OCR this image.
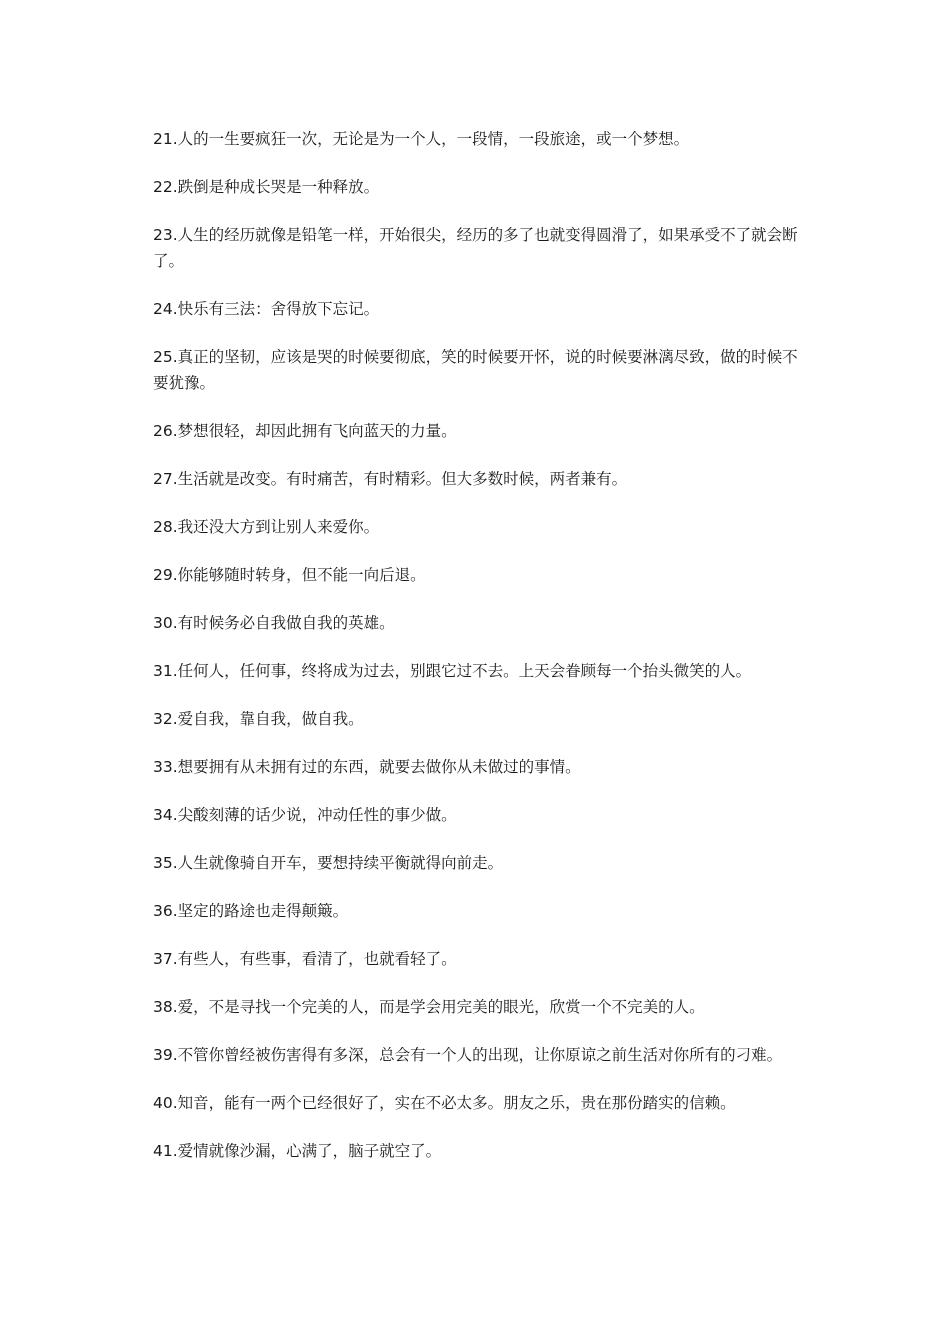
21.人的一生要疯狂一次，无论是为一个人，一段情，一段旅途，或一个梦想。

22.跌倒是种成长哭是一种释放。

23.人生的经历就像是铅笔一样，开始很尖，经历的多了也就变得圆滑了，如果承受不了就会断了。

24.快乐有三法：舍得放下忘记。

25.真正的坚韧，应该是哭的时候要彻底，笑的时候要开怀，说的时候要淋漓尽致，做的时候不要犹豫。

26.梦想很轻，却因此拥有飞向蓝天的力量。

27.生活就是改变。有时痛苦，有时精彩。但大多数时候，两者兼有。

28.我还没大方到让别人来爱你。

29.你能够随时转身，但不能一向后退。

30.有时候务必自我做自我的英雄。

31.任何人，任何事，终将成为过去，别跟它过不去。上天会眷顾每一个抬头微笑的人。

32.爱自我，靠自我，做自我。

33.想要拥有从未拥有过的东西，就要去做你从未做过的事情。

34.尖酸刻薄的话少说，冲动任性的事少做。

35.人生就像骑自开车，要想持续平衡就得向前走。

36.坚定的路途也走得颠簸。

37.有些人，有些事，看清了，也就看轻了。

38.爱，不是寻找一个完美的人，而是学会用完美的眼光，欣赏一个不完美的人。

39.不管你曾经被伤害得有多深，总会有一个人的出现，让你原谅之前生活对你所有的刁难。

40.知音，能有一两个已经很好了，实在不必太多。朋友之乐，贵在那份踏实的信赖。

41.爱情就像沙漏，心满了，脑子就空了。
